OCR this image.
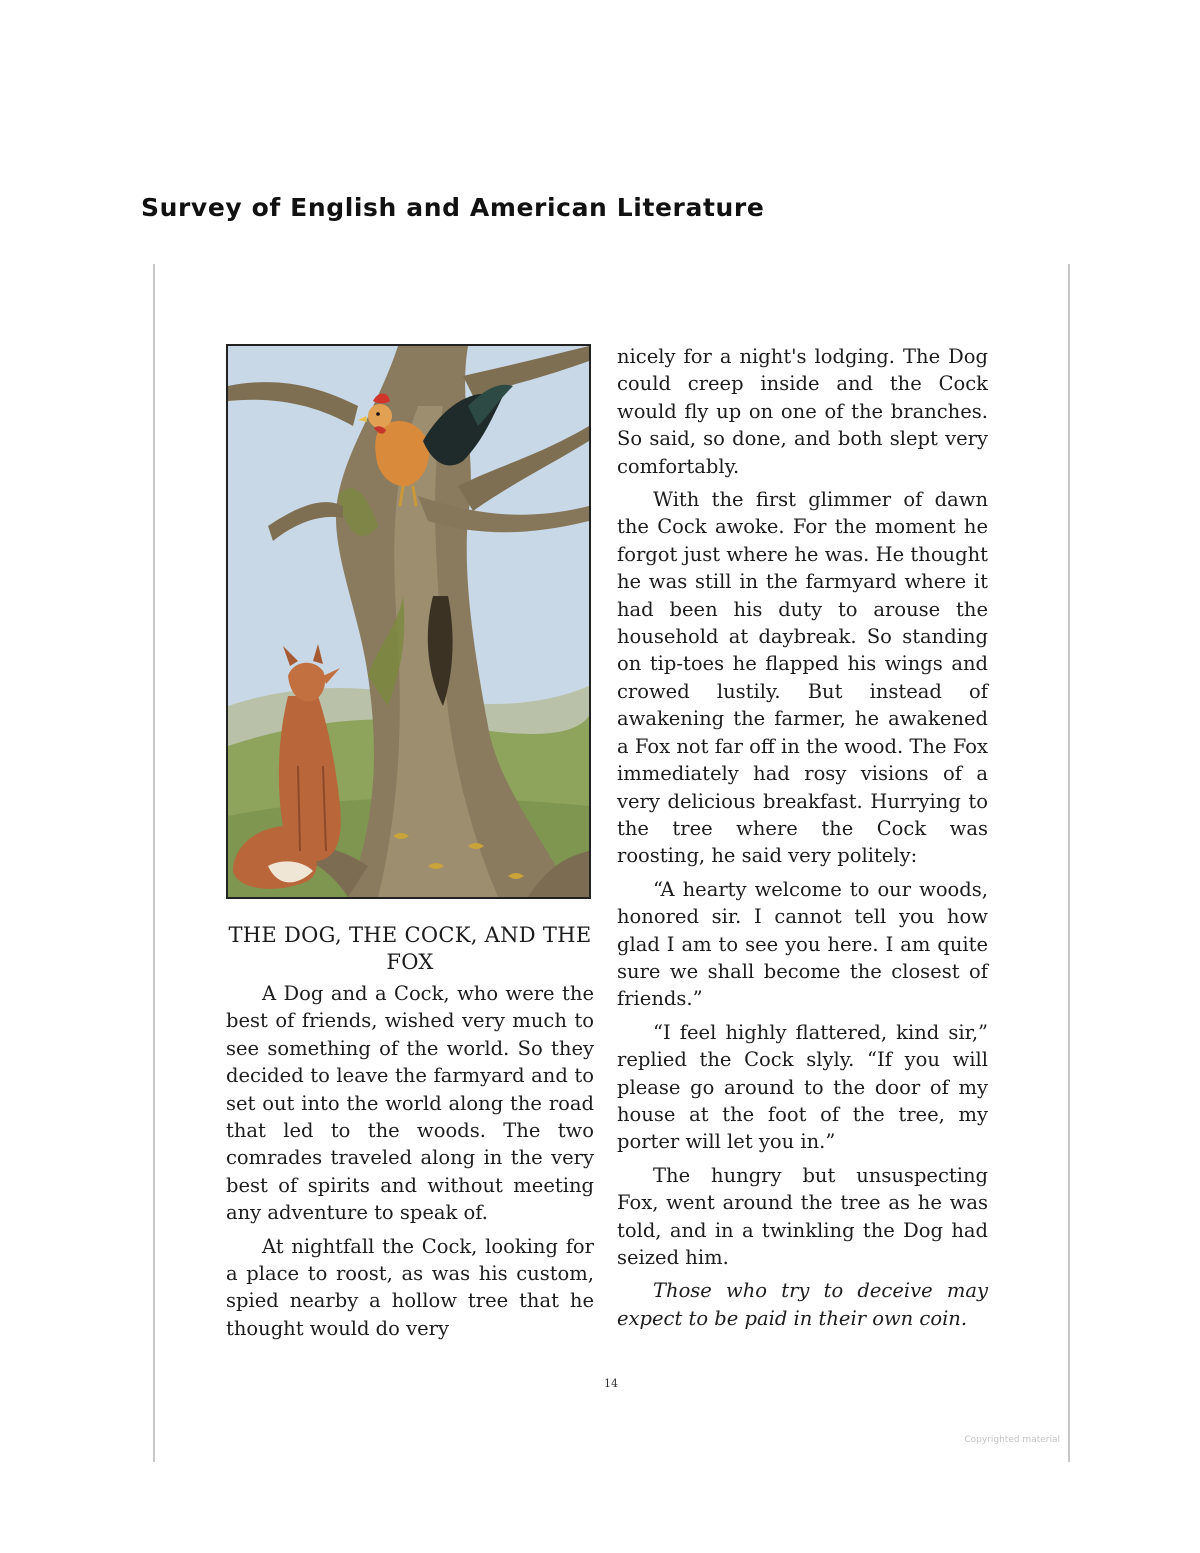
Survey of English and American Literature
THE DOG, THE COCK, AND THE FOX

A Dog and a Cock, who were the best of friends, wished very much to see something of the world. So they decided to leave the farmyard and to set out into the world along the road that led to the woods. The two comrades traveled along in the very best of spirits and without meeting any adventure to speak of.

At nightfall the Cock, looking for a place to roost, as was his custom, spied nearby a hollow tree that he thought would do very

nicely for a night's lodging. The Dog could creep inside and the Cock would fly up on one of the branches. So said, so done, and both slept very comfortably.

With the first glimmer of dawn the Cock awoke. For the moment he forgot just where he was. He thought he was still in the farmyard where it had been his duty to arouse the household at daybreak. So standing on tip-toes he flapped his wings and crowed lustily. But instead of awakening the farmer, he awakened a Fox not far off in the wood. The Fox immediately had rosy visions of a very delicious breakfast. Hurrying to the tree where the Cock was roosting, he said very politely:

“A hearty welcome to our woods, honored sir. I cannot tell you how glad I am to see you here. I am quite sure we shall become the closest of friends.”

“I feel highly flattered, kind sir,” replied the Cock slyly. “If you will please go around to the door of my house at the foot of the tree, my porter will let you in.”

The hungry but unsuspecting Fox, went around the tree as he was told, and in a twinkling the Dog had seized him.

Those who try to deceive may expect to be paid in their own coin.

14
Copyrighted material
